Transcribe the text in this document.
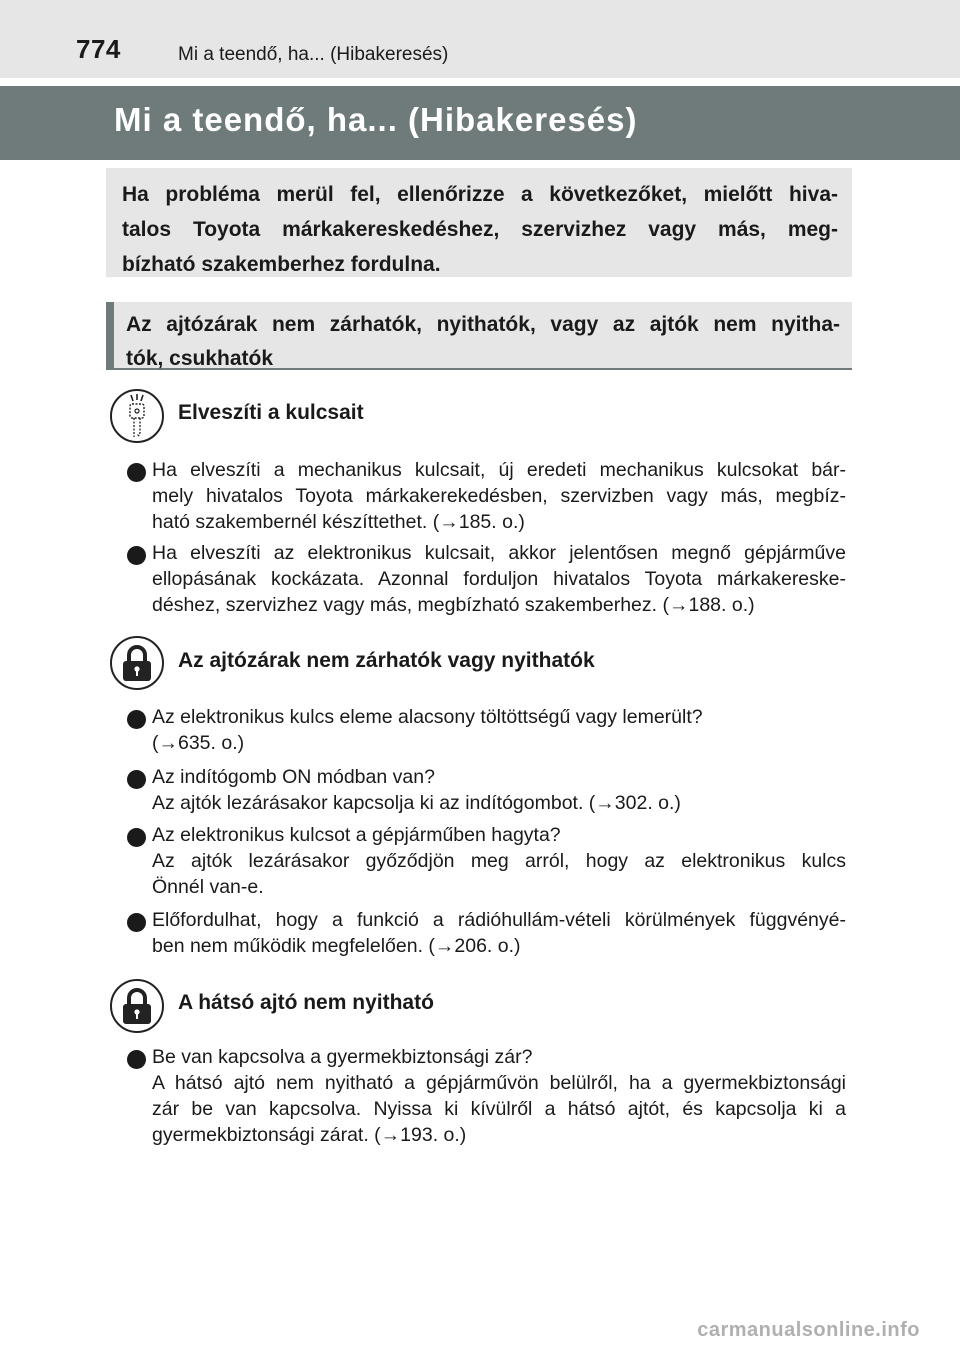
774	Mi a teendő, ha... (Hibakeresés)
Mi a teendő, ha... (Hibakeresés)
Ha probléma merül fel, ellenőrizze a következőket, mielőtt hiva-
talos Toyota márkakereskedéshez, szervizhez vagy más, meg-
bízható szakemberhez fordulna.
Az ajtózárak nem zárhatók, nyithatók, vagy az ajtók nem nyitha-
tók, csukhatók
Elveszíti a kulcsait
Ha elveszíti a mechanikus kulcsait, új eredeti mechanikus kulcsokat bár-
mely hivatalos Toyota márkakerekedésben, szervizben vagy más, megbíz-
ható szakembernél készíttethet. (→185. o.)
Ha elveszíti az elektronikus kulcsait, akkor jelentősen megnő gépjárműve
ellopásának kockázata. Azonnal forduljon hivatalos Toyota márkakereske-
déshez, szervizhez vagy más, megbízható szakemberhez. (→188. o.)
Az ajtózárak nem zárhatók vagy nyithatók
Az elektronikus kulcs eleme alacsony töltöttségű vagy lemerült?
(→635. o.)
Az indítógomb ON módban van?
Az ajtók lezárásakor kapcsolja ki az indítógombot. (→302. o.)
Az elektronikus kulcsot a gépjárműben hagyta?
Az ajtók lezárásakor győződjön meg arról, hogy az elektronikus kulcs
Önnél van-e.
Előfordulhat, hogy a funkció a rádióhullám-vételi körülmények függvényé-
ben nem működik megfelelően. (→206. o.)
A hátsó ajtó nem nyitható
Be van kapcsolva a gyermekbiztonsági zár?
A hátsó ajtó nem nyitható a gépjárművön belülről, ha a gyermekbiztonsági
zár be van kapcsolva. Nyissa ki kívülről a hátsó ajtót, és kapcsolja ki a
gyermekbiztonsági zárat. (→193. o.)
carmanualsonline.info
